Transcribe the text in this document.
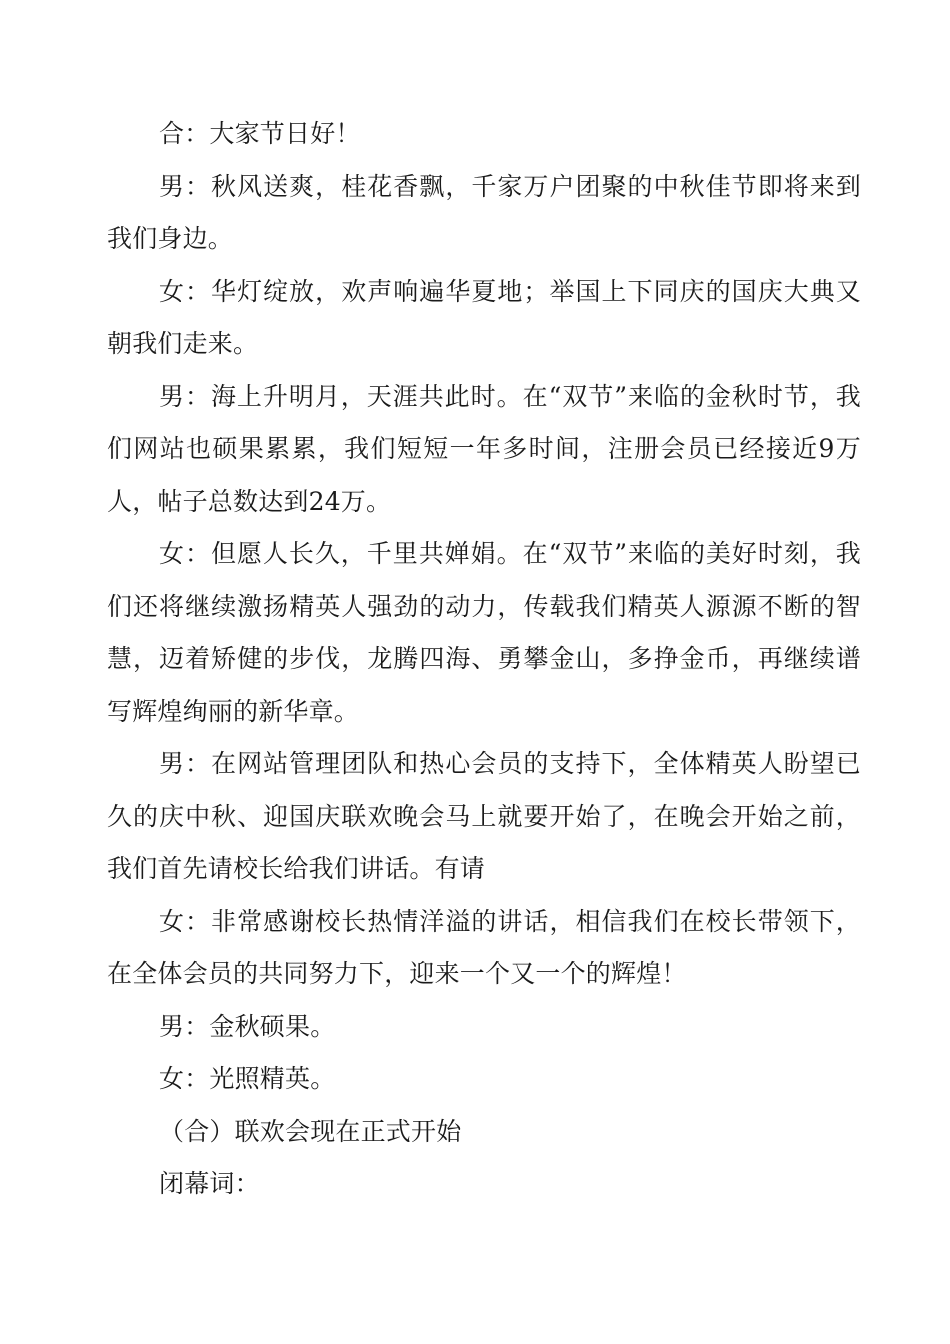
合：大家节日好！

男：秋风送爽，桂花香飘，千家万户团聚的中秋佳节即将来到我们身边。

女：华灯绽放，欢声响遍华夏地；举国上下同庆的国庆大典又朝我们走来。

男：海上升明月，天涯共此时。在“双节”来临的金秋时节，我们网站也硕果累累，我们短短一年多时间，注册会员已经接近9万人，帖子总数达到24万。

女：但愿人长久，千里共婵娟。在“双节”来临的美好时刻，我们还将继续激扬精英人强劲的动力，传载我们精英人源源不断的智慧，迈着矫健的步伐，龙腾四海、勇攀金山，多挣金币，再继续谱写辉煌绚丽的新华章。

男：在网站管理团队和热心会员的支持下，全体精英人盼望已久的庆中秋、迎国庆联欢晚会马上就要开始了，在晚会开始之前，我们首先请校长给我们讲话。有请

女：非常感谢校长热情洋溢的讲话，相信我们在校长带领下，在全体会员的共同努力下，迎来一个又一个的辉煌！

男：金秋硕果。

女：光照精英。

（合）联欢会现在正式开始

闭幕词：
